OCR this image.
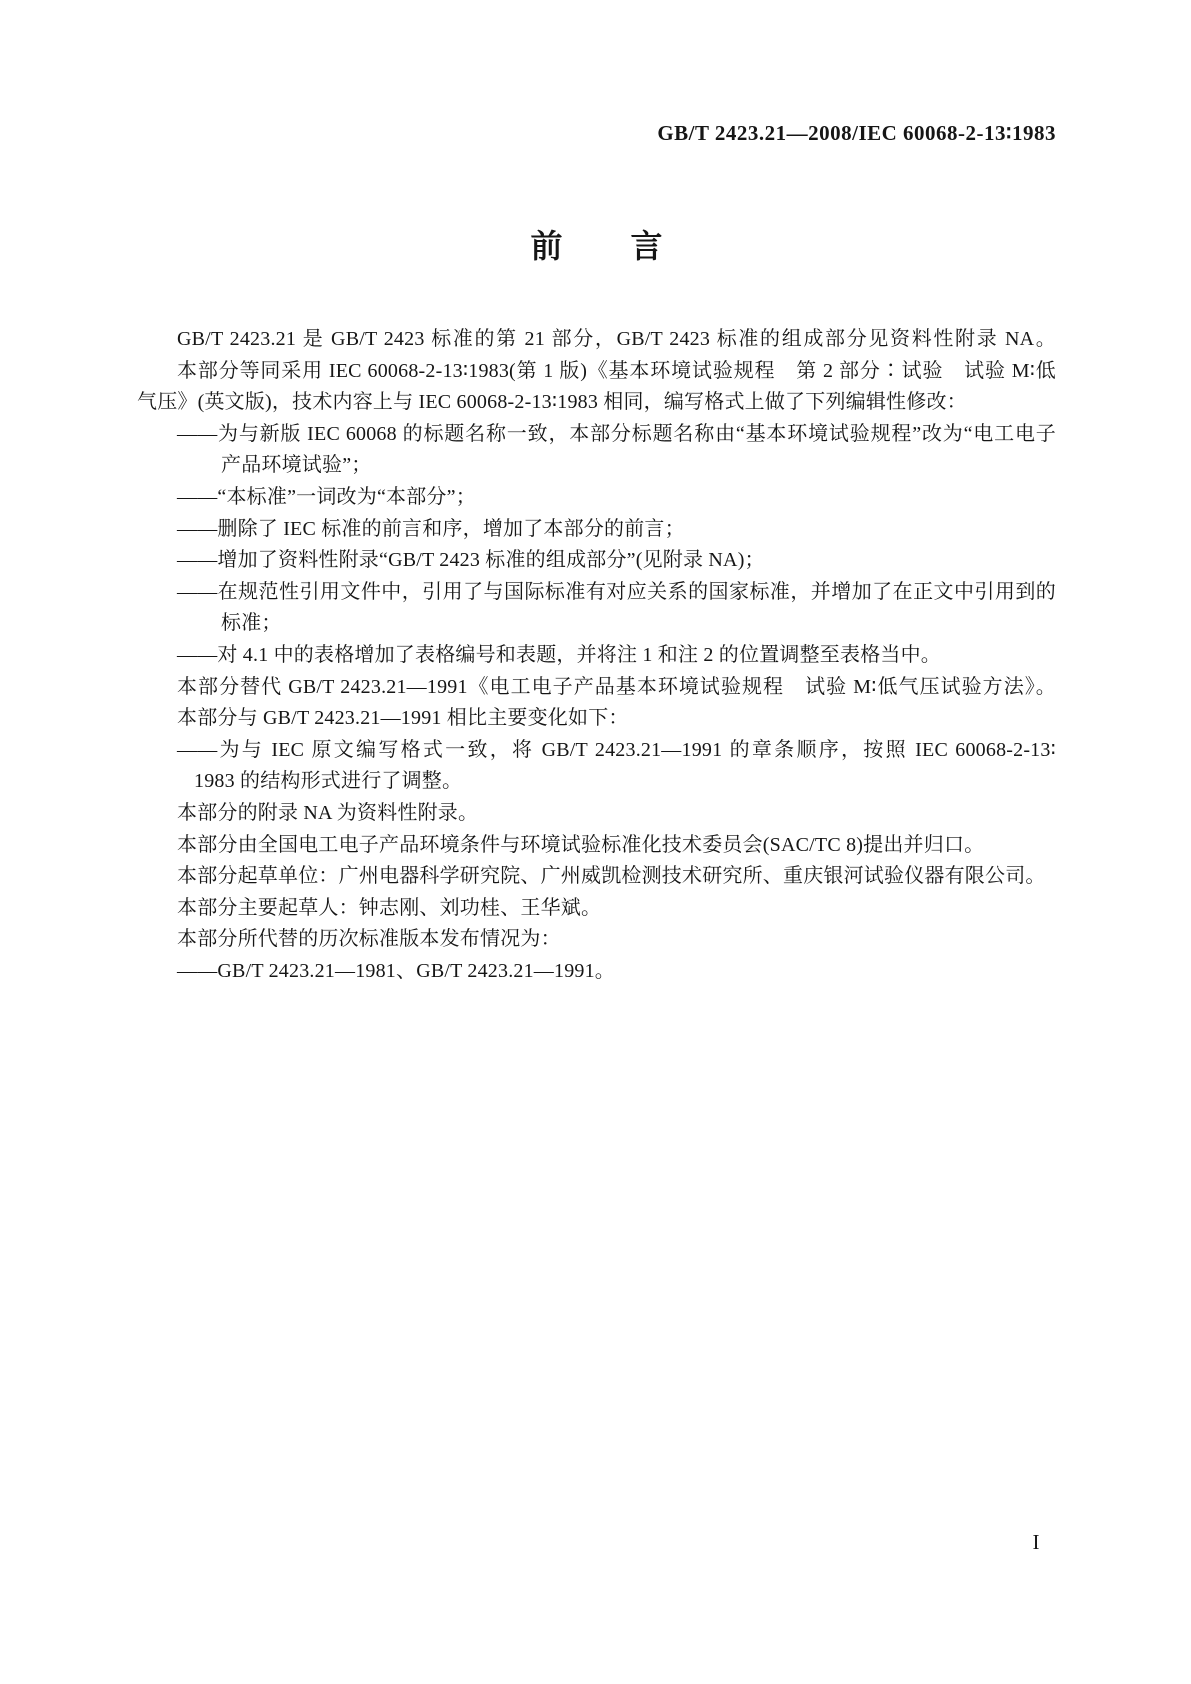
GB/T 2423.21—2008/IEC 60068-2-13∶1983
前 言
GB/T 2423.21 是 GB/T 2423 标准的第 21 部分，GB/T 2423 标准的组成部分见资料性附录 NA。
本部分等同采用 IEC 60068-2-13∶1983(第 1 版)《基本环境试验规程　第 2 部分∶试验　试验 M∶低
气压》(英文版)，技术内容上与 IEC 60068-2-13∶1983 相同，编写格式上做了下列编辑性修改：
——为与新版 IEC 60068 的标题名称一致，本部分标题名称由“基本环境试验规程”改为“电工电子
产品环境试验”；
——“本标准”一词改为“本部分”；
——删除了 IEC 标准的前言和序，增加了本部分的前言；
——增加了资料性附录“GB/T 2423 标准的组成部分”(见附录 NA)；
——在规范性引用文件中，引用了与国际标准有对应关系的国家标准，并增加了在正文中引用到的
标准；
——对 4.1 中的表格增加了表格编号和表题，并将注 1 和注 2 的位置调整至表格当中。
本部分替代 GB/T 2423.21—1991《电工电子产品基本环境试验规程　试验 M∶低气压试验方法》。
本部分与 GB/T 2423.21—1991 相比主要变化如下：
——为与 IEC 原文编写格式一致，将 GB/T 2423.21—1991 的章条顺序，按照 IEC 60068-2-13∶
1983 的结构形式进行了调整。
本部分的附录 NA 为资料性附录。
本部分由全国电工电子产品环境条件与环境试验标准化技术委员会(SAC/TC 8)提出并归口。
本部分起草单位：广州电器科学研究院、广州威凯检测技术研究所、重庆银河试验仪器有限公司。
本部分主要起草人：钟志刚、刘功桂、王华斌。
本部分所代替的历次标准版本发布情况为：
——GB/T 2423.21—1981、GB/T 2423.21—1991。
I
